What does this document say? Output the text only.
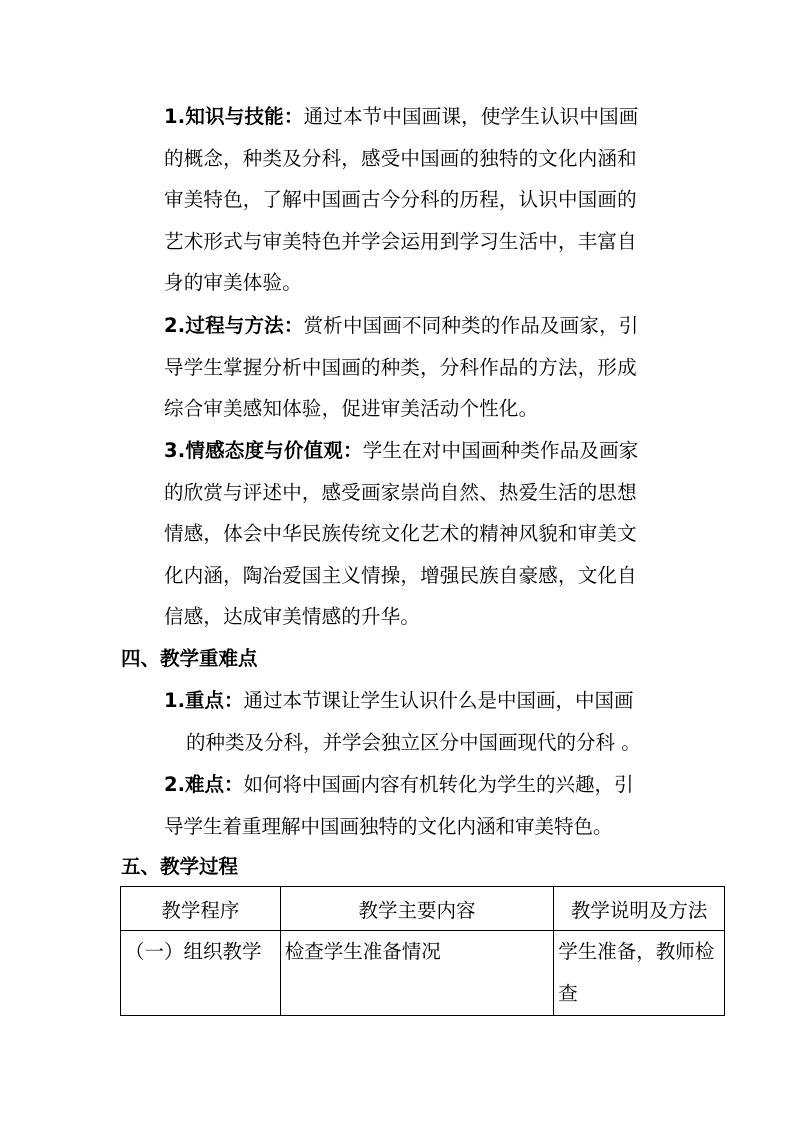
1.知识与技能：通过本节中国画课，使学生认识中国画
的概念，种类及分科，感受中国画的独特的文化内涵和
审美特色，了解中国画古今分科的历程，认识中国画的
艺术形式与审美特色并学会运用到学习生活中，丰富自
身的审美体验。

2.过程与方法：赏析中国画不同种类的作品及画家，引
导学生掌握分析中国画的种类，分科作品的方法，形成
综合审美感知体验，促进审美活动个性化。

3.情感态度与价值观：学生在对中国画种类作品及画家
的欣赏与评述中，感受画家崇尚自然、热爱生活的思想
情感，体会中华民族传统文化艺术的精神风貌和审美文
化内涵，陶冶爱国主义情操，增强民族自豪感，文化自
信感，达成审美情感的升华。

四、教学重难点

1.重点：通过本节课让学生认识什么是中国画，中国画

的种类及分科，并学会独立区分中国画现代的分科 。

2.难点：如何将中国画内容有机转化为学生的兴趣，引

导学生着重理解中国画独特的文化内涵和审美特色。

五、教学过程

教学程序	教学主要内容	教学说明及方法
（一）组织教学	检查学生准备情况	学生准备，教师检查
